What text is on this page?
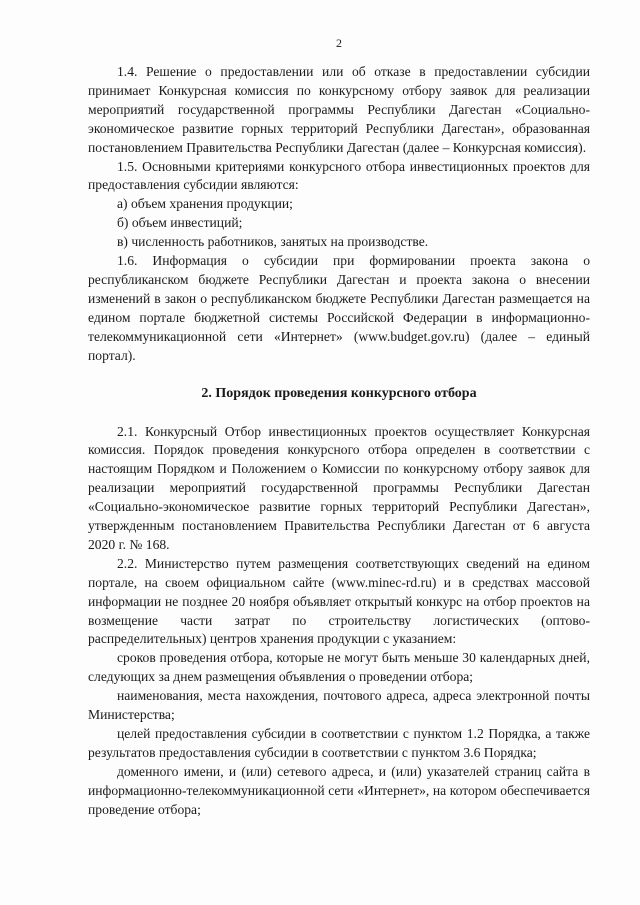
2

1.4. Решение о предоставлении или об отказе в предоставлении субсидии принимает Конкурсная комиссия по конкурсному отбору заявок для реализации мероприятий государственной программы Республики Дагестан «Социально-экономическое развитие горных территорий Республики Дагестан», образованная постановлением Правительства Республики Дагестан (далее – Конкурсная комиссия).

1.5. Основными критериями конкурсного отбора инвестиционных проектов для предоставления субсидии являются:

а) объем хранения продукции;

б) объем инвестиций;

в) численность работников, занятых на производстве.

1.6. Информация о субсидии при формировании проекта закона о республиканском бюджете Республики Дагестан и проекта закона о внесении изменений в закон о республиканском бюджете Республики Дагестан размещается на едином портале бюджетной системы Российской Федерации в информационно-телекоммуникационной сети «Интернет» (www.budget.gov.ru) (далее – единый портал).

2. Порядок проведения конкурсного отбора

2.1. Конкурсный Отбор инвестиционных проектов осуществляет Конкурсная комиссия. Порядок проведения конкурсного отбора определен в соответствии с настоящим Порядком и Положением о Комиссии по конкурсному отбору заявок для реализации мероприятий государственной программы Республики Дагестан «Социально-экономическое развитие горных территорий Республики Дагестан», утвержденным постановлением Правительства Республики Дагестан от 6 августа 2020 г. № 168.

2.2. Министерство путем размещения соответствующих сведений на едином портале, на своем официальном сайте (www.minec-rd.ru) и в средствах массовой информации не позднее 20 ноября объявляет открытый конкурс на отбор проектов на возмещение части затрат по строительству логистических (оптово-распределительных) центров хранения продукции с указанием:

сроков проведения отбора, которые не могут быть меньше 30 календарных дней, следующих за днем размещения объявления о проведении отбора;

наименования, места нахождения, почтового адреса, адреса электронной почты Министерства;

целей предоставления субсидии в соответствии с пунктом 1.2 Порядка, а также результатов предоставления субсидии в соответствии с пунктом 3.6 Порядка;

доменного имени, и (или) сетевого адреса, и (или) указателей страниц сайта в информационно-телекоммуникационной сети «Интернет», на котором обеспечивается проведение отбора;
